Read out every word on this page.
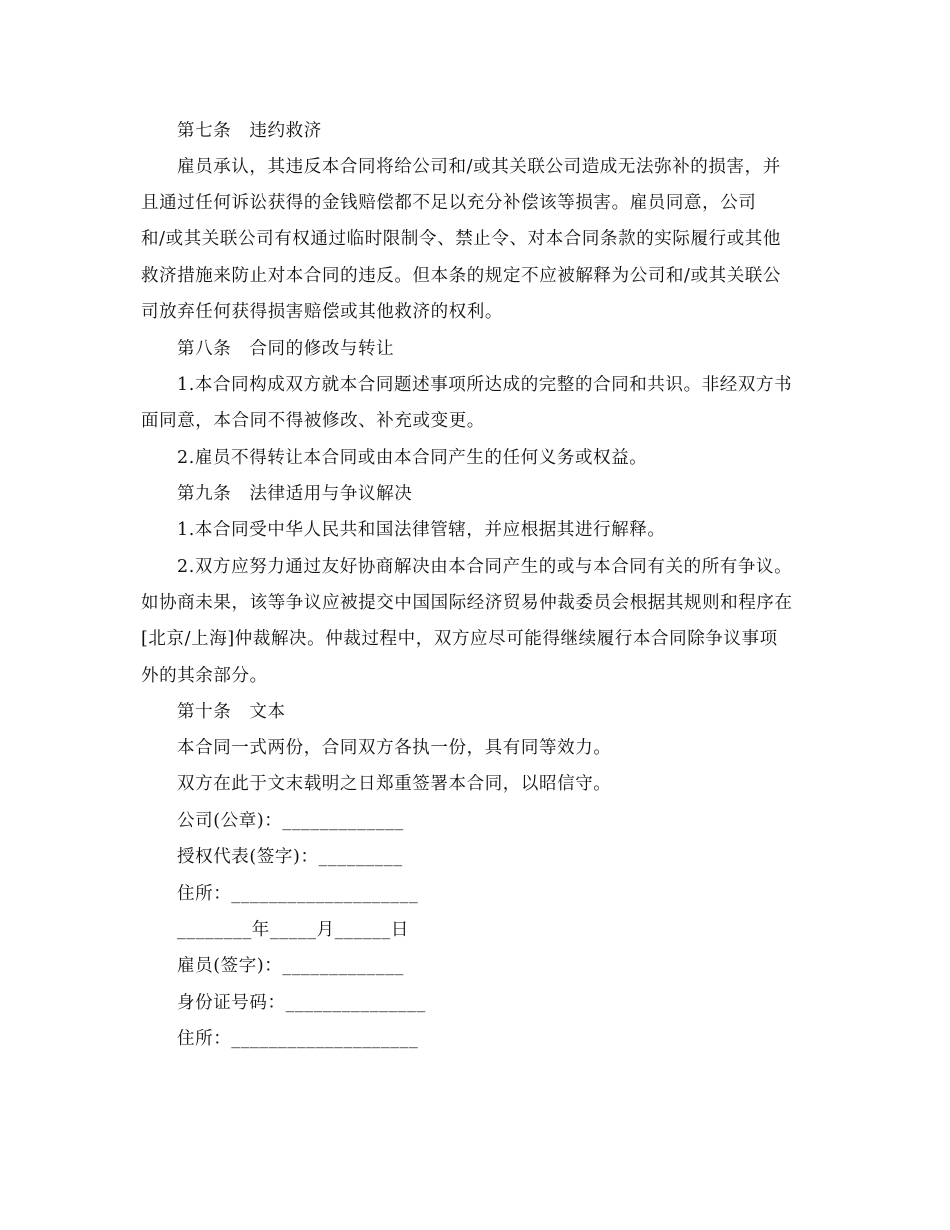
第七条　违约救济
雇员承认，其违反本合同将给公司和/或其关联公司造成无法弥补的损害，并
且通过任何诉讼获得的金钱赔偿都不足以充分补偿该等损害。雇员同意，公司
和/或其关联公司有权通过临时限制令、禁止令、对本合同条款的实际履行或其他
救济措施来防止对本合同的违反。但本条的规定不应被解释为公司和/或其关联公
司放弃任何获得损害赔偿或其他救济的权利。
第八条　合同的修改与转让
1.本合同构成双方就本合同题述事项所达成的完整的合同和共识。非经双方书
面同意，本合同不得被修改、补充或变更。
2.雇员不得转让本合同或由本合同产生的任何义务或权益。
第九条　法律适用与争议解决
1.本合同受中华人民共和国法律管辖，并应根据其进行解释。
2.双方应努力通过友好协商解决由本合同产生的或与本合同有关的所有争议。
如协商未果，该等争议应被提交中国国际经济贸易仲裁委员会根据其规则和程序在
[北京/上海]仲裁解决。仲裁过程中，双方应尽可能得继续履行本合同除争议事项
外的其余部分。
第十条　文本
本合同一式两份，合同双方各执一份，具有同等效力。
双方在此于文末载明之日郑重签署本合同，以昭信守。
公司(公章)：_____________
授权代表(签字)：_________
住所：____________________
________年_____月______日
雇员(签字)：_____________
身份证号码：_______________
住所：____________________
